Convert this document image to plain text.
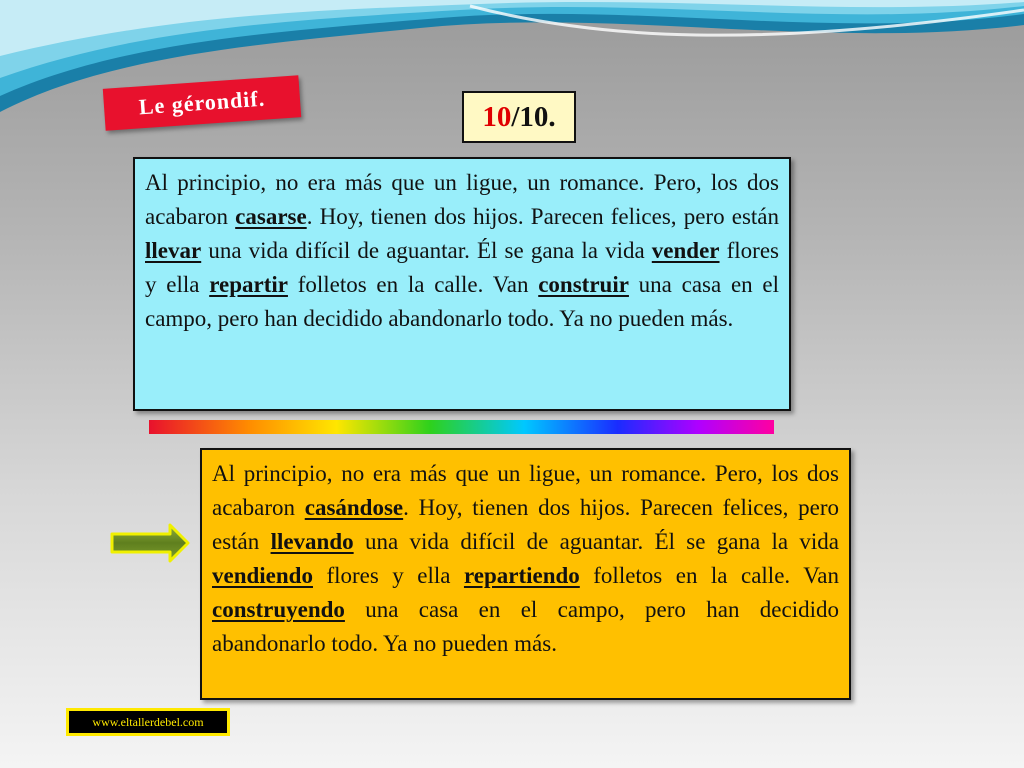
Le gérondif.	10 /10.
Al principio, no era más que un ligue, un romance. Pero, los dos acabaron casarse. Hoy, tienen dos hijos. Parecen felices, pero están llevar una vida difícil de aguantar. Él se gana la vida vender flores y ella repartir folletos en la calle. Van construir una casa en el campo, pero han decidido abandonarlo todo. Ya no pueden más.
Al principio, no era más que un ligue, un romance. Pero, los dos acabaron casándose. Hoy, tienen dos hijos. Parecen felices, pero están llevando una vida difícil de aguantar. Él se gana la vida vendiendo flores y ella repartiendo folletos en la calle. Van construyendo una casa en el campo, pero han decidido abandonarlo todo. Ya no pueden más.
www.eltallerdebel.com
